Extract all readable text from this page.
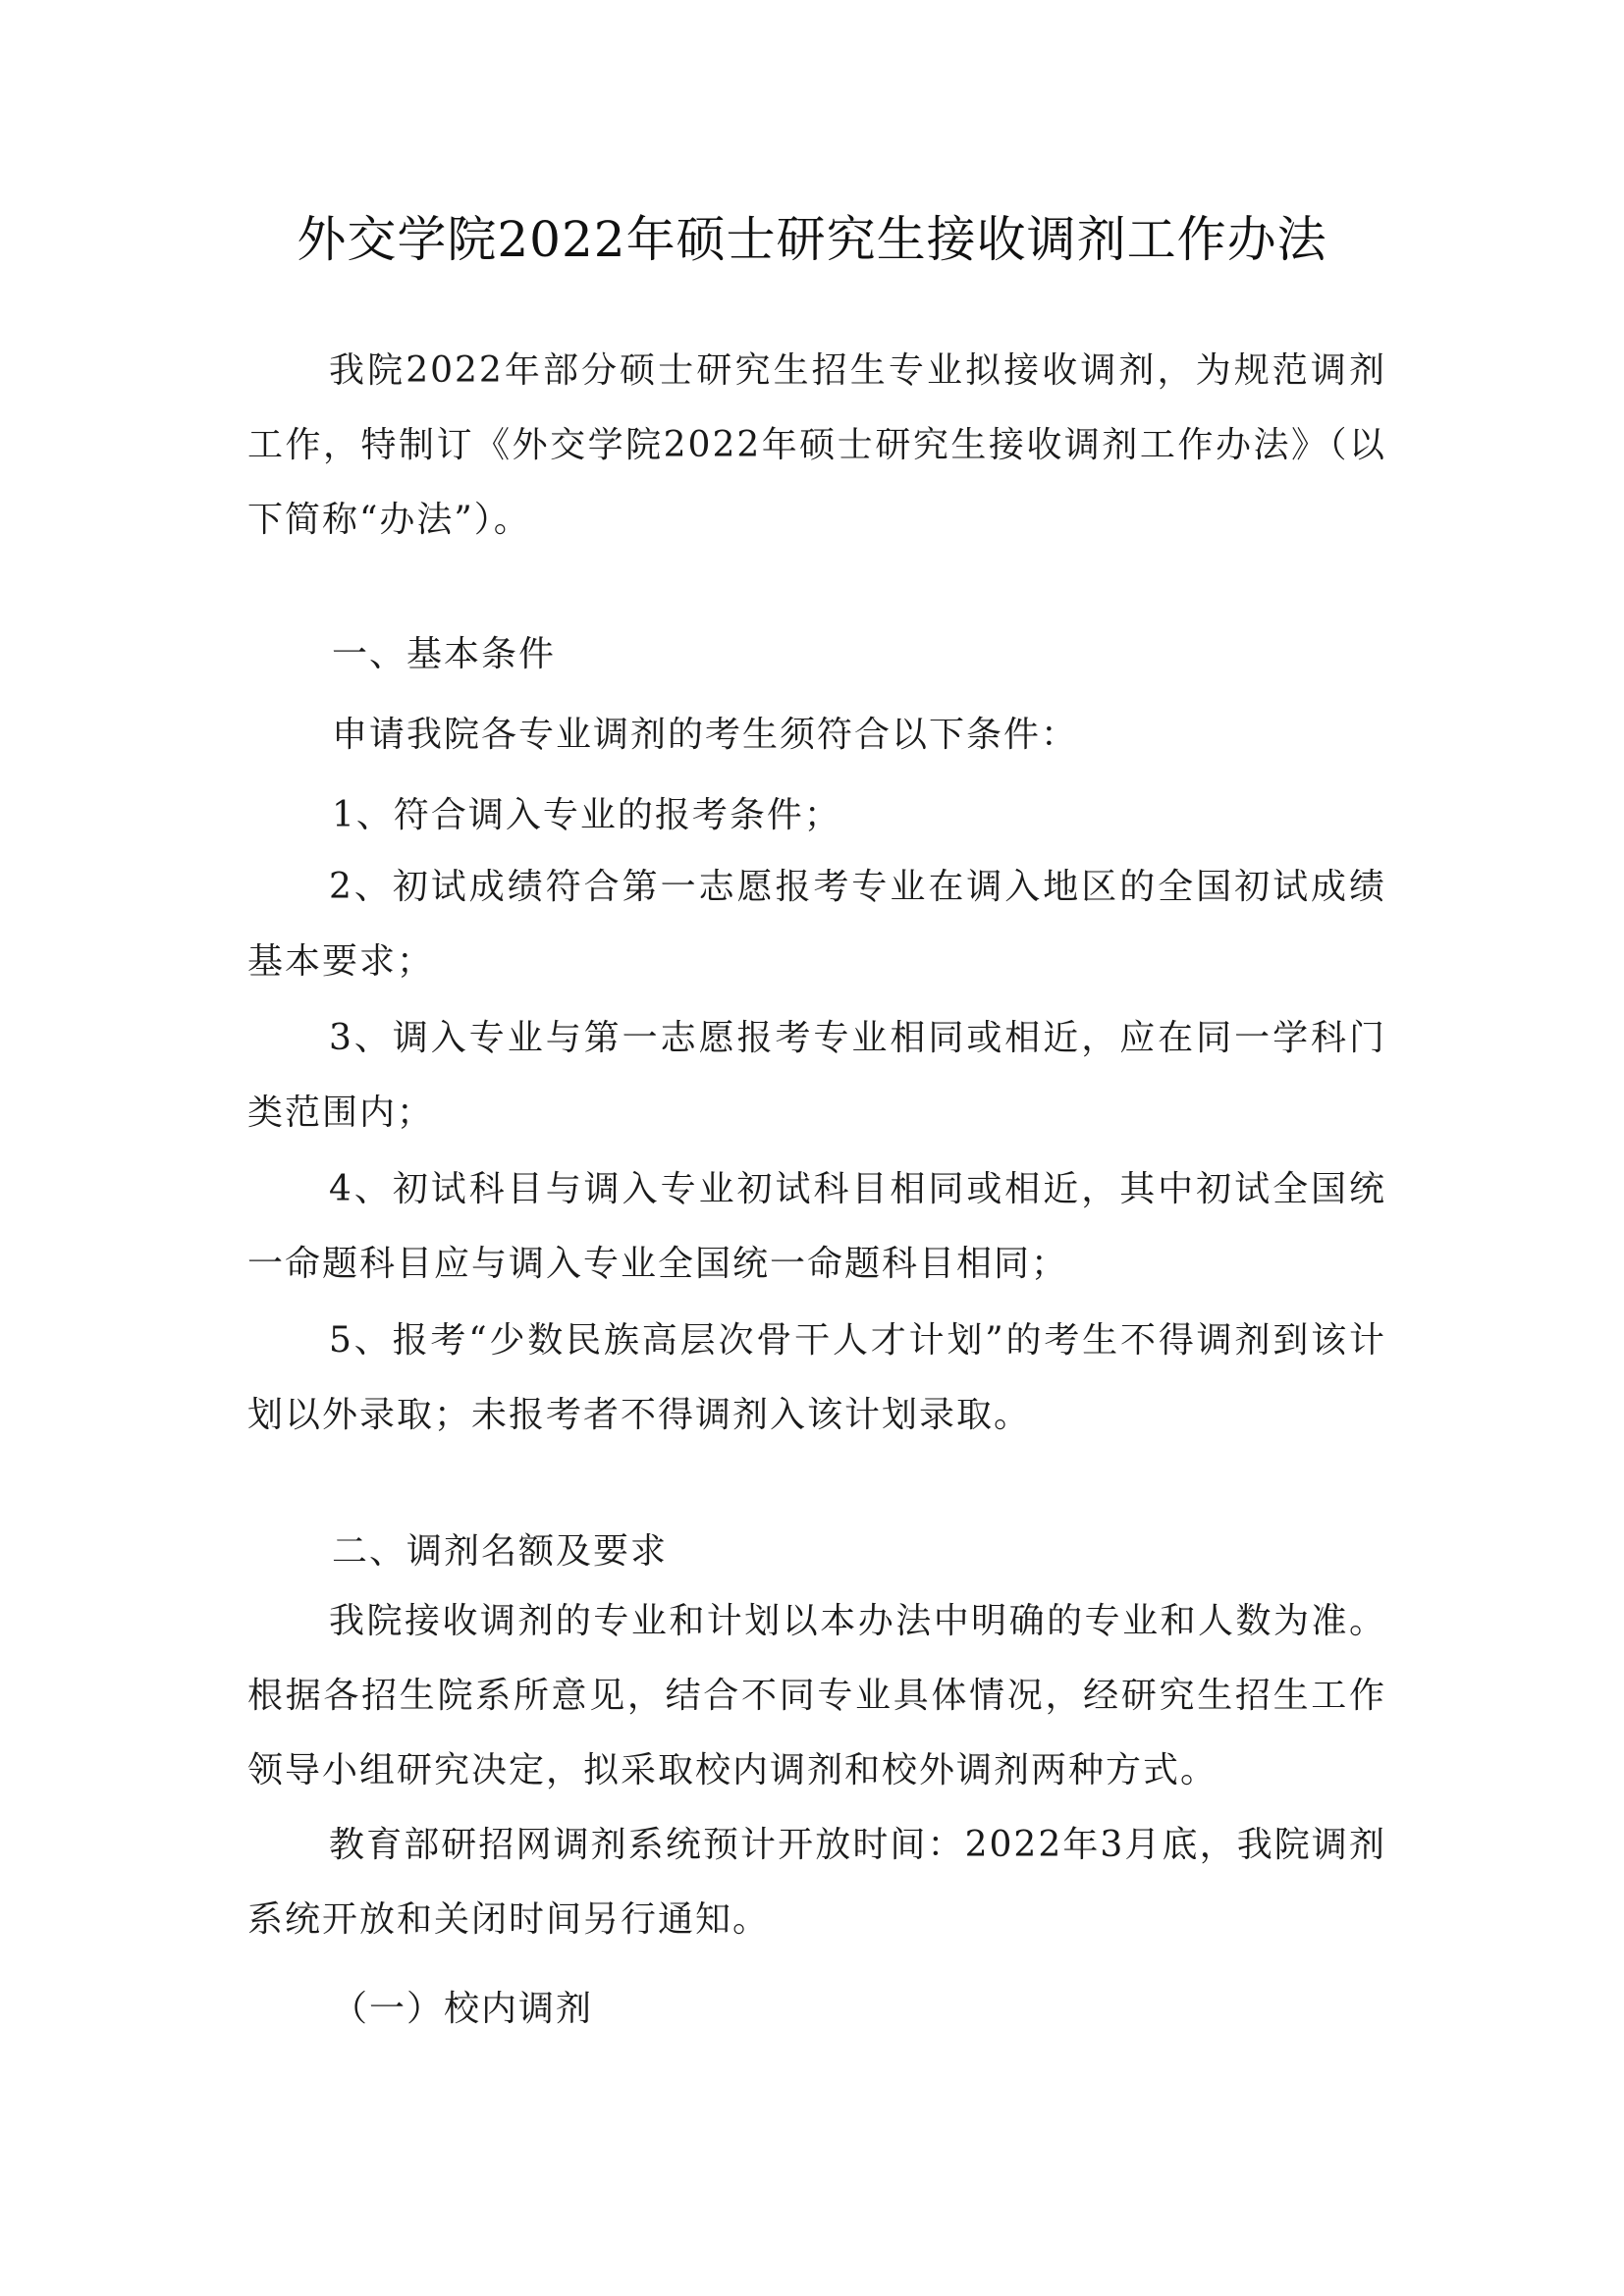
外交学院2022年硕士研究生接收调剂工作办法
我院2022年部分硕士研究生招生专业拟接收调剂，为规范调剂工作，特制订《外交学院2022年硕士研究生接收调剂工作办法》（以下简称“办法”）。
一、基本条件
申请我院各专业调剂的考生须符合以下条件：
1、符合调入专业的报考条件；
2、初试成绩符合第一志愿报考专业在调入地区的全国初试成绩基本要求；
3、调入专业与第一志愿报考专业相同或相近，应在同一学科门类范围内；
4、初试科目与调入专业初试科目相同或相近，其中初试全国统一命题科目应与调入专业全国统一命题科目相同；
5、报考“少数民族高层次骨干人才计划”的考生不得调剂到该计划以外录取；未报考者不得调剂入该计划录取。
二、调剂名额及要求
我院接收调剂的专业和计划以本办法中明确的专业和人数为准。根据各招生院系所意见，结合不同专业具体情况，经研究生招生工作领导小组研究决定，拟采取校内调剂和校外调剂两种方式。
教育部研招网调剂系统预计开放时间：2022年3月底，我院调剂系统开放和关闭时间另行通知。
（一）校内调剂
